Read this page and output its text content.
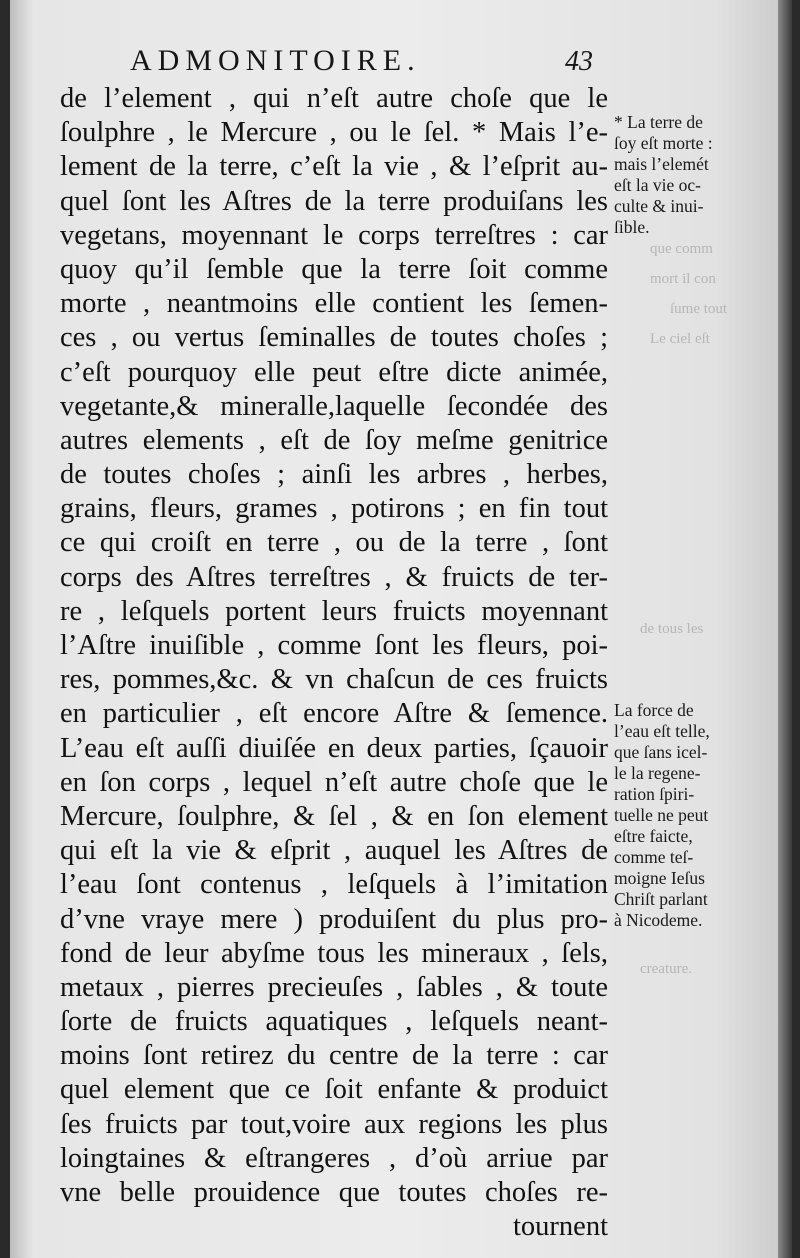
ADMONITOIRE.	43
de l’element , qui n’eſt autre choſe que le
ſoulphre , le Mercure , ou le ſel. * Mais l’e-
lement de la terre, c’eſt la vie , & l’eſprit au-
quel ſont les Aſtres de la terre produiſans les
vegetans, moyennant le corps terreſtres : car
quoy qu’il ſemble que la terre ſoit comme
morte , neantmoins elle contient les ſemen-
ces , ou vertus ſeminalles de toutes choſes ;
c’eſt pourquoy elle peut eſtre dicte animée,
vegetante,& mineralle,laquelle ſecondée des
autres elements , eſt de ſoy meſme genitrice
de toutes choſes ; ainſi les arbres , herbes,
grains, fleurs, grames , potirons ; en fin tout
ce qui croiſt en terre , ou de la terre , ſont
corps des Aſtres terreſtres , & fruicts de ter-
re , leſquels portent leurs fruicts moyennant
l’Aſtre inuiſible , comme ſont les fleurs, poi-
res, pommes,&c. & vn chaſcun de ces fruicts
en particulier , eſt encore Aſtre & ſemence.
L’eau eſt auſſi diuiſée en deux parties, ſçauoir
en ſon corps , lequel n’eſt autre choſe que le
Mercure, ſoulphre, & ſel , & en ſon element
qui eſt la vie & eſprit , auquel les Aſtres de
l’eau ſont contenus , leſquels à l’imitation
d’vne vraye mere ) produiſent du plus pro-
fond de leur abyſme tous les mineraux , ſels,
metaux , pierres precieuſes , ſables , & toute
ſorte de fruicts aquatiques , leſquels neant-
moins ſont retirez du centre de la terre : car
quel element que ce ſoit enfante & produict
ſes fruicts par tout,voire aux regions les plus
loingtaines & eſtrangeres , d’où arriue par
vne belle prouidence que toutes choſes re-
tournent
* La terre de
ſoy eſt morte :
mais l’elemét
eſt la vie oc-
culte & inui-
ſible.
La force de
l’eau eſt telle,
que ſans icel-
le la regene-
ration ſpiri-
tuelle ne peut
eſtre faicte,
comme teſ-
moigne Ieſus
Chriſt parlant
à Nicodeme.
que comm
mort il con
ſume tout
Le ciel eſt
de tous les
creature.
